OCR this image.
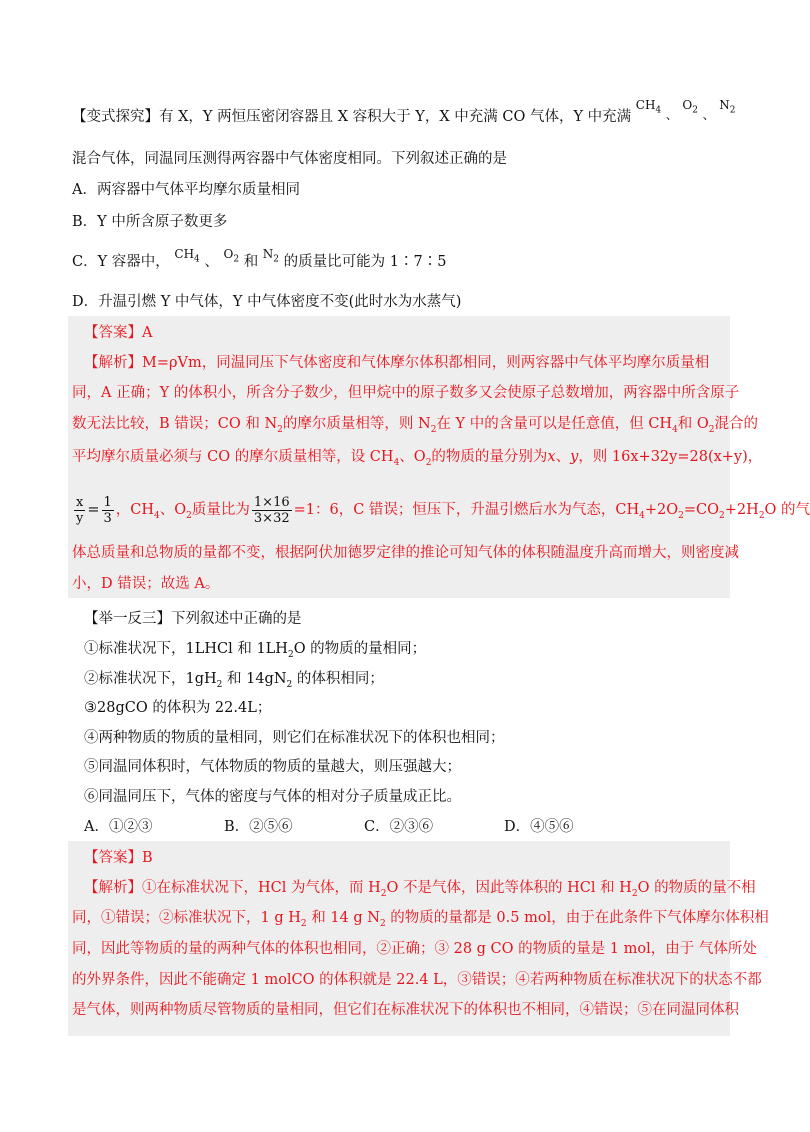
【变式探究】有 X，Y 两恒压密闭容器且 X 容积大于 Y，X 中充满 CO 气体，Y 中充满 $^{CH_4}$ 、 $^{O_2}$ 、 $^{N_2}$
混合气体，同温同压测得两容器中气体密度相同。下列叙述正确的是
A．两容器中气体平均摩尔质量相同
B．Y 中所含原子数更多
C．Y 容器中， $^{CH_4}$ 、 $^{O_2}$ 和 $^{N_2}$ 的质量比可能为 1∶7∶5
D．升温引燃 Y 中气体，Y 中气体密度不变(此时水为水蒸气)
【答案】A
【解析】M=ρVm，同温同压下气体密度和气体摩尔体积都相同，则两容器中气体平均摩尔质量相
同，A 正确；Y 的体积小，所含分子数少，但甲烷中的原子数多又会使原子总数增加，两容器中所含原子
数无法比较，B 错误；CO 和 $N_2$的摩尔质量相等，则 $N_2$在 Y 中的含量可以是任意值，但 $CH_4$和 $O_2$混合的
平均摩尔质量必须与 CO 的摩尔质量相等，设 $CH_4$、$O_2$的物质的量分别为x、y，则 16x+32y=28(x+y)，
$\frac{x}{y} = \frac{1}{3}$ ，$CH_4$、$O_2$质量比为 $\frac{1\times 16}{3\times 32} =1$：6，C 错误；恒压下，升温引燃后水为气态，$CH_4+2O_2=CO_2+2H_2O$ 的气
体总质量和总物质的量都不变，根据阿伏加德罗定律的推论可知气体的体积随温度升高而增大，则密度减
小，D 错误；故选 A。
【举一反三】下列叙述中正确的是
①标准状况下，1LHCl 和 $1LH_2O$ 的物质的量相同；
②标准状况下，$1gH_2$ 和 $14gN_2$ 的体积相同；
③28gCO 的体积为 22.4L；
④两种物质的物质的量相同，则它们在标准状况下的体积也相同；
⑤同温同体积时，气体物质的物质的量越大，则压强越大；
⑥同温同压下，气体的密度与气体的相对分子质量成正比。
A．①②③	B．②⑤⑥	C．②③⑥	D．④⑤⑥
【答案】B
【解析】①在标准状况下，HCl 为气体，而 $H_2O$ 不是气体，因此等体积的 HCl 和 $H_2O$ 的物质的量不相
同，①错误；②标准状况下，1 g $H_2$ 和 14 g $N_2$ 的物质的量都是 0.5 mol，由于在此条件下气体摩尔体积相
同，因此等物质的量的两种气体的体积也相同，②正确；③ 28 g CO 的物质的量是 1 mol，由于 气体所处
的外界条件，因此不能确定 1 molCO 的体积就是 22.4 L，③错误；④若两种物质在标准状况下的状态不都
是气体，则两种物质尽管物质的量相同，但它们在标准状况下的体积也不相同，④错误；⑤在同温同体积
